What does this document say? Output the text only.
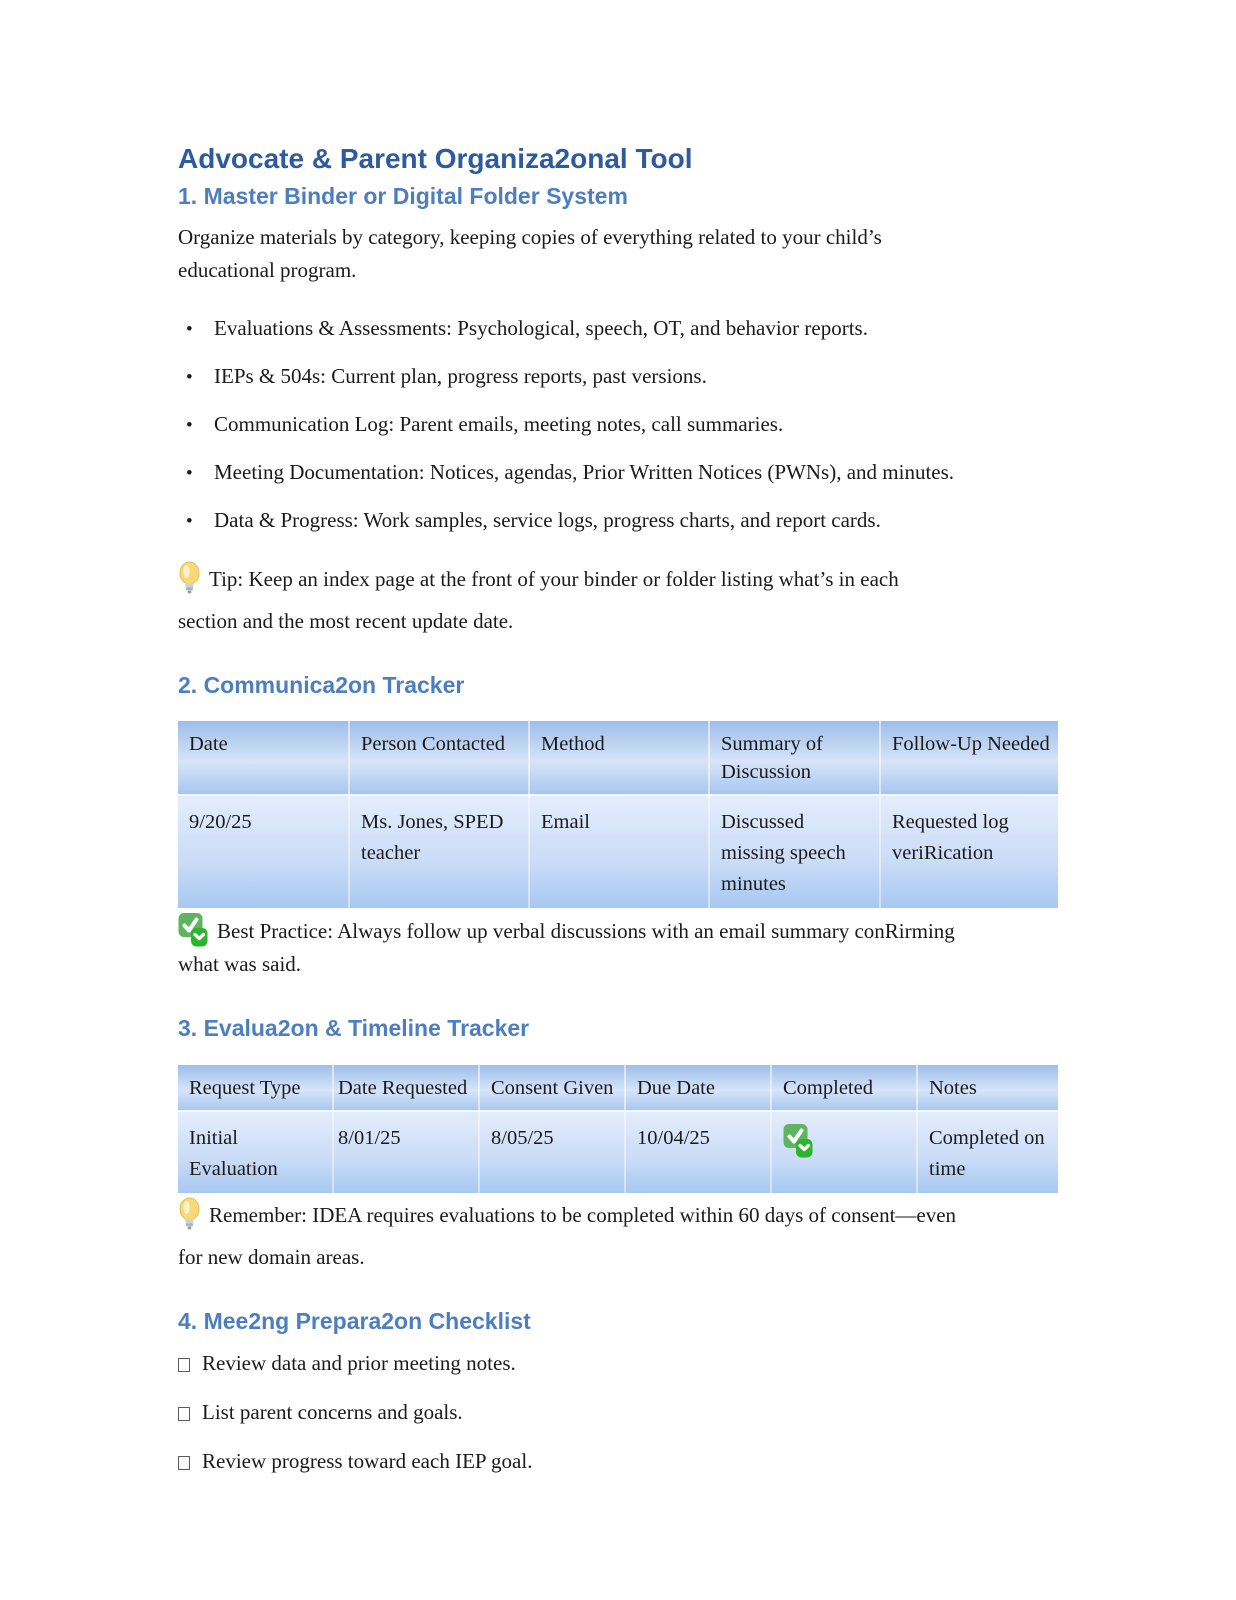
Advocate & Parent Organiza2onal Tool
1. Master Binder or Digital Folder System

Organize materials by category, keeping copies of everything related to your child’s
educational program.

• Evaluations & Assessments: Psychological, speech, OT, and behavior reports.
• IEPs & 504s: Current plan, progress reports, past versions.
• Communication Log: Parent emails, meeting notes, call summaries.
• Meeting Documentation: Notices, agendas, Prior Written Notices (PWNs), and minutes.
• Data & Progress: Work samples, service logs, progress charts, and report cards.

Tip: Keep an index page at the front of your binder or folder listing what’s in each
section and the most recent update date.

2. Communica2on Tracker
Date	Person Contacted	Method	Summary of Discussion	Follow-Up Needed
9/20/25	Ms. Jones, SPED teacher	Email	Discussed missing speech minutes	Requested log veriRication

Best Practice: Always follow up verbal discussions with an email summary conRirming
what was said.

3. Evalua2on & Timeline Tracker
Request Type	Date Requested	Consent Given	Due Date	Completed	Notes
Initial Evaluation	8/01/25	8/05/25	10/04/25		Completed on time

Remember: IDEA requires evaluations to be completed within 60 days of consent—even
for new domain areas.

4. Mee2ng Prepara2on Checklist
Review data and prior meeting notes.
List parent concerns and goals.
Review progress toward each IEP goal.
